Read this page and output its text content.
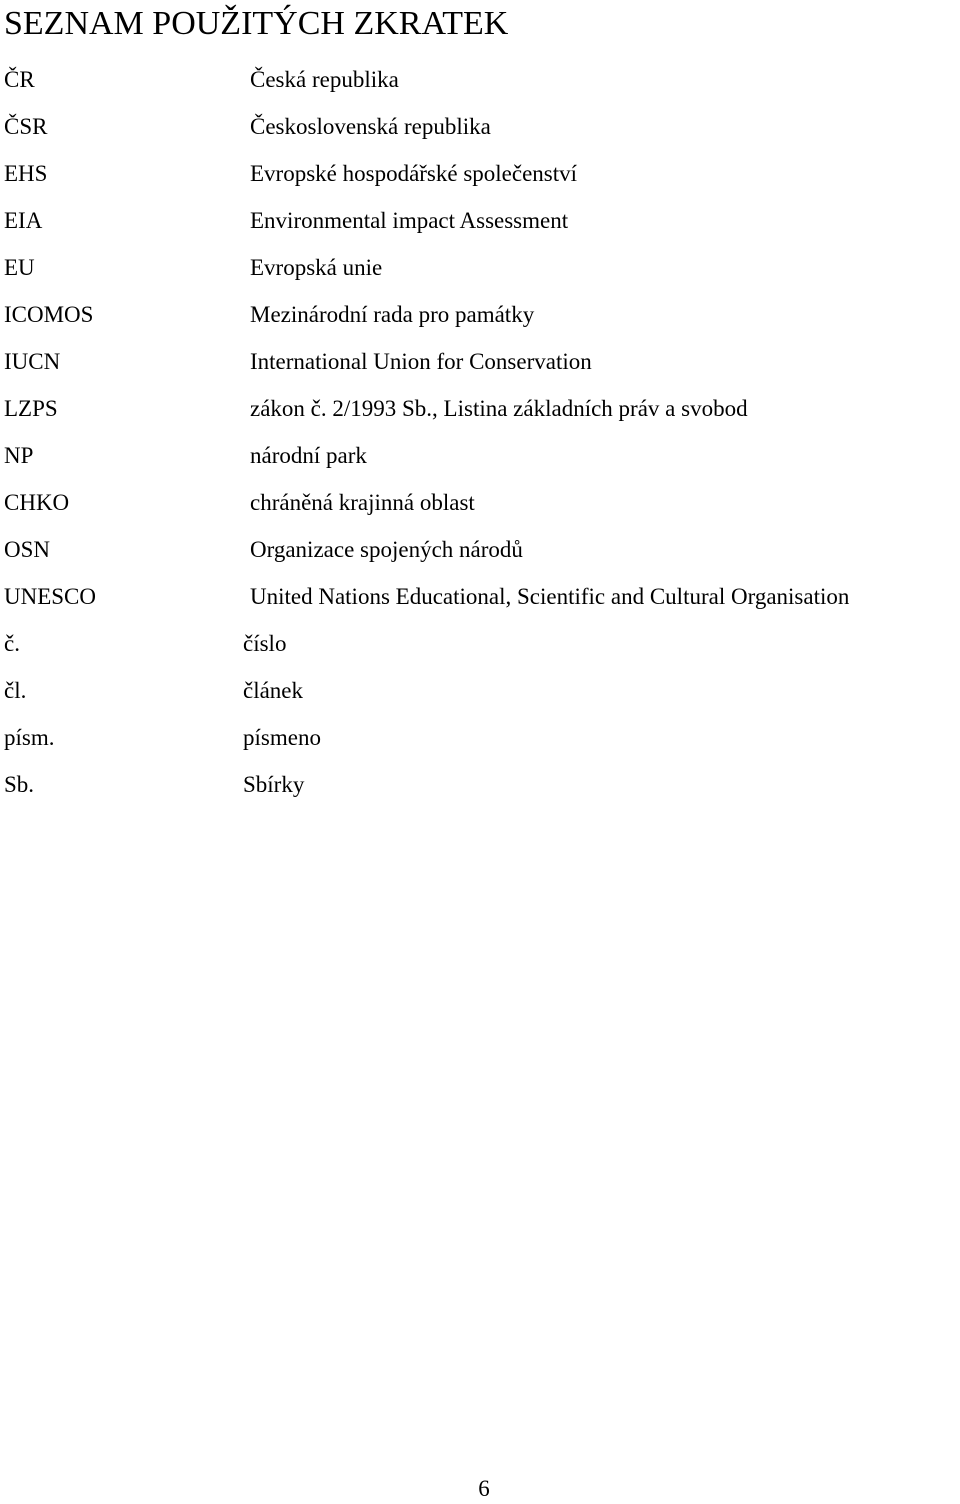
SEZNAM POUŽITÝCH ZKRATEK
ČR	Česká republika
ČSR	Československá republika
EHS	Evropské hospodářské společenství
EIA	Environmental impact Assessment
EU	Evropská unie
ICOMOS	Mezinárodní rada pro památky
IUCN	International Union for Conservation
LZPS	zákon č. 2/1993 Sb., Listina základních práv a svobod
NP	národní park
CHKO	chráněná krajinná oblast
OSN	Organizace spojených národů
UNESCO	United Nations Educational, Scientific and Cultural Organisation
č.	číslo
čl.	článek
písm.	písmeno
Sb.	Sbírky
6
